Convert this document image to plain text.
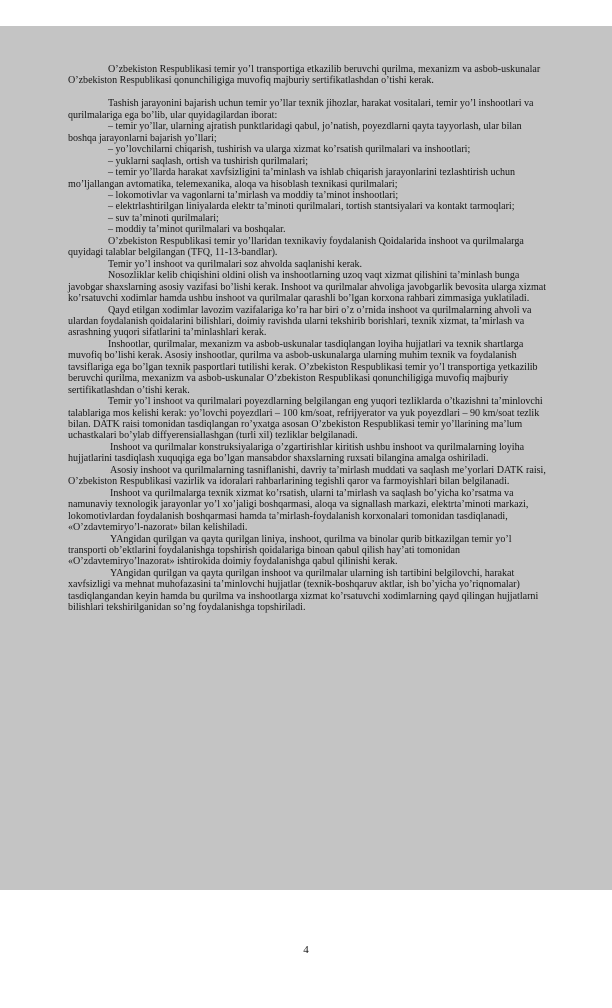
O’zbekiston Respublikasi temir yo’l transportiga etkazilib beruvchi qurilma, mexanizm va asbob-uskunalar O’zbekiston Respublikasi qonunchiligiga muvofiq majburiy sertifikatlashdan o’tishi kerak.

Tashish jarayonini bajarish uchun temir yo’llar texnik jihozlar, harakat vositalari, temir yo’l inshootlari va qurilmalariga ega bo’lib, ular quyidagilardan iborat:

– temir yo’llar, ularning ajratish punktlaridagi qabul, jo’natish, poyezdlarni qayta tayyorlash, ular bilan boshqa jarayonlarni bajarish yo’llari;

– yo’lovchilarni chiqarish, tushirish va ularga xizmat ko’rsatish qurilmalari va inshootlari;

– yuklarni saqlash, ortish va tushirish qurilmalari;

– temir yo’llarda harakat xavfsizligini ta’minlash va ishlab chiqarish jarayonlarini tezlashtirish uchun mo’ljallangan avtomatika, telemexanika, aloqa va hisoblash texnikasi qurilmalari;

– lokomotivlar va vagonlarni ta’mirlash va moddiy ta’minot inshootlari;

– elektrlashtirilgan liniyalarda elektr ta’minoti qurilmalari, tortish stantsiyalari va kontakt tarmoqlari;

– suv ta’minoti qurilmalari;

– moddiy ta’minot qurilmalari va boshqalar.

O’zbekiston Respublikasi temir yo’llaridan texnikaviy foydalanish Qoidalarida inshoot va qurilmalarga quyidagi talablar belgilangan (TFQ, 11-13-bandlar).

Temir yo’l inshoot va qurilmalari soz ahvolda saqlanishi kerak.

Nosozliklar kelib chiqishini oldini olish va inshootlarning uzoq vaqt xizmat qilishini ta’minlash bunga javobgar shaxslarning asosiy vazifasi bo’lishi kerak. Inshoot va qurilmalar ahvoliga javobgarlik bevosita ularga xizmat ko’rsatuvchi xodimlar hamda ushbu inshoot va qurilmalar qarashli bo’lgan korxona rahbari zimmasiga yuklatiladi.

Qayd etilgan xodimlar lavozim vazifalariga ko’ra har biri o’z o’rnida inshoot va qurilmalarning ahvoli va ulardan foydalanish qoidalarini bilishlari, doimiy ravishda ularni tekshirib borishlari, texnik xizmat, ta’mirlash va asrashning yuqori sifatlarini ta’minlashlari kerak.

Inshootlar, qurilmalar, mexanizm va asbob-uskunalar tasdiqlangan loyiha hujjatlari va texnik shartlarga muvofiq bo’lishi kerak. Asosiy inshootlar, qurilma va asbob-uskunalarga ularning muhim texnik va foydalanish tavsiflariga ega bo’lgan texnik pasportlari tutilishi kerak. O’zbekiston Respublikasi temir yo’l transportiga yetkazilib beruvchi qurilma, mexanizm va asbob-uskunalar O’zbekiston Respublikasi qonunchiligiga muvofiq majburiy sertifikatlashdan o’tishi kerak.

Temir yo’l inshoot va qurilmalari poyezdlarning belgilangan eng yuqori tezliklarda o’tkazishni ta’minlovchi talablariga mos kelishi kerak: yo’lovchi poyezdlari – 100 km/soat, refrijyerator va yuk poyezdlari – 90 km/soat tezlik bilan. DATK raisi tomonidan tasdiqlangan ro’yxatga asosan O’zbekiston Respublikasi temir yo’llarining ma’lum uchastkalari bo’ylab diffyerensiallashgan (turli xil) tezliklar belgilanadi.

Inshoot va qurilmalar konstruksiyalariga o’zgartirishlar kiritish ushbu inshoot va qurilmalarning loyiha hujjatlarini tasdiqlash xuquqiga ega bo’lgan mansabdor shaxslarning ruxsati bilangina amalga oshiriladi.

Asosiy inshoot va qurilmalarning tasniflanishi, davriy ta’mirlash muddati va saqlash me’yorlari DATK raisi, O’zbekiston Respublikasi vazirlik va idoralari rahbarlarining tegishli qaror va farmoyishlari bilan belgilanadi.

Inshoot va qurilmalarga texnik xizmat ko’rsatish, ularni ta’mirlash va saqlash bo’yicha ko’rsatma va namunaviy texnologik jarayonlar yo’l xo’jaligi boshqarmasi, aloqa va signallash markazi, elektrta’minoti markazi, lokomotivlardan foydalanish boshqarmasi hamda ta’mirlash-foydalanish korxonalari tomonidan tasdiqlanadi, «O’zdavtemiryo’l-nazorat» bilan kelishiladi.

YAngidan qurilgan va qayta qurilgan liniya, inshoot, qurilma va binolar qurib bitkazilgan temir yo’l transporti ob’ektlarini foydalanishga topshirish qoidalariga binoan qabul qilish hay’ati tomonidan «O’zdavtemiryo’lnazorat» ishtirokida doimiy foydalanishga qabul qilinishi kerak.

YAngidan qurilgan va qayta qurilgan inshoot va qurilmalar ularning ish tartibini belgilovchi, harakat xavfsizligi va mehnat muhofazasini ta’minlovchi hujjatlar (texnik-boshqaruv aktlar, ish bo’yicha yo’riqnomalar) tasdiqlangandan keyin hamda bu qurilma va inshootlarga xizmat ko’rsatuvchi xodimlarning qayd qilingan hujjatlarni bilishlari tekshirilganidan so’ng foydalanishga topshiriladi.

4
